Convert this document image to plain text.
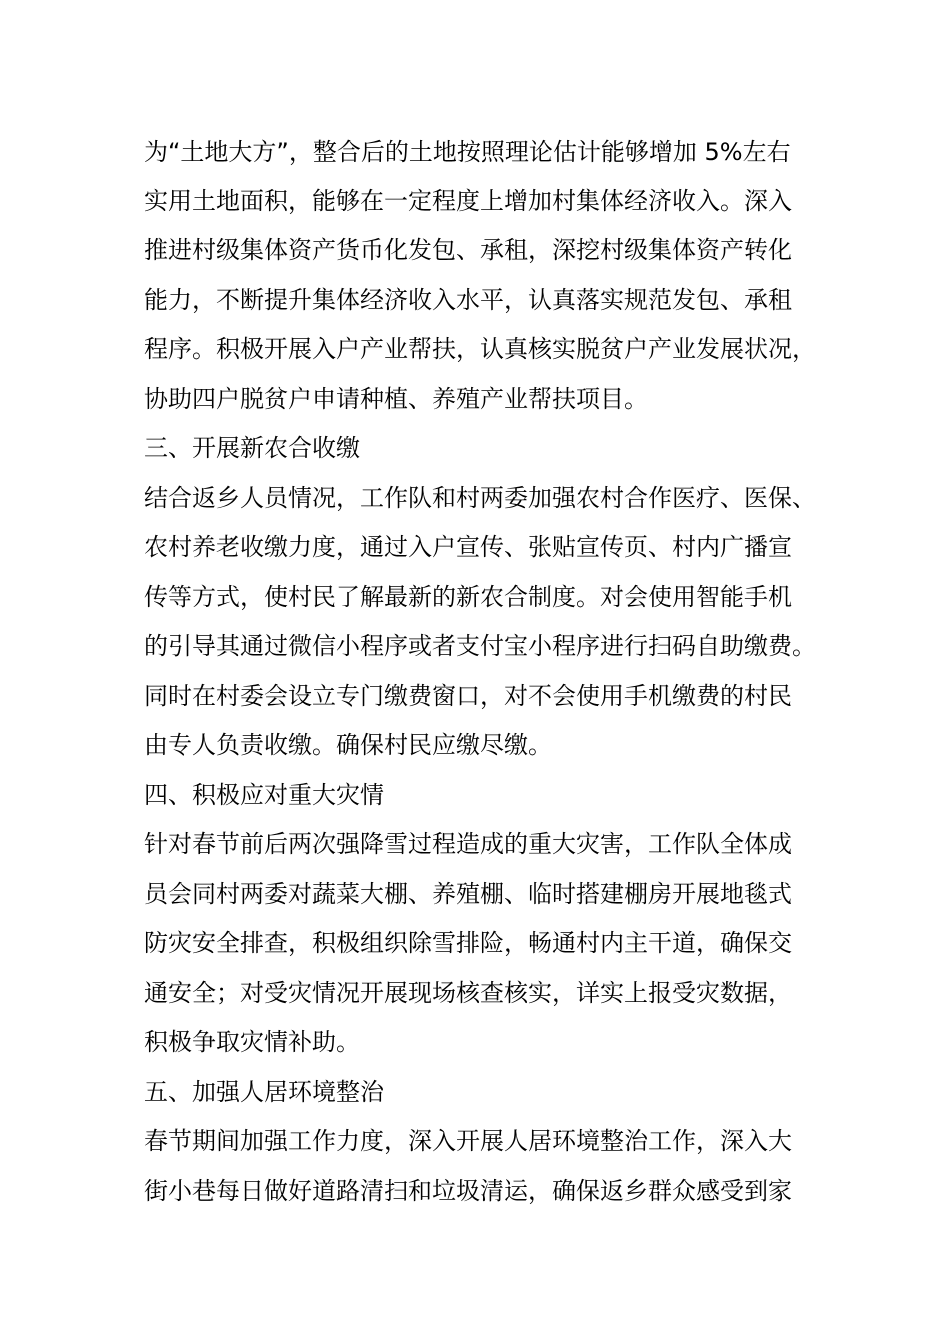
为“土地大方”，整合后的土地按照理论估计能够增加 5%左右
实用土地面积，能够在一定程度上增加村集体经济收入。深入
推进村级集体资产货币化发包、承租，深挖村级集体资产转化
能力，不断提升集体经济收入水平，认真落实规范发包、承租
程序。积极开展入户产业帮扶，认真核实脱贫户产业发展状况，
协助四户脱贫户申请种植、养殖产业帮扶项目。
三、开展新农合收缴
结合返乡人员情况，工作队和村两委加强农村合作医疗、医保、
农村养老收缴力度，通过入户宣传、张贴宣传页、村内广播宣
传等方式，使村民了解最新的新农合制度。对会使用智能手机
的引导其通过微信小程序或者支付宝小程序进行扫码自助缴费。
同时在村委会设立专门缴费窗口，对不会使用手机缴费的村民
由专人负责收缴。确保村民应缴尽缴。
四、积极应对重大灾情
针对春节前后两次强降雪过程造成的重大灾害，工作队全体成
员会同村两委对蔬菜大棚、养殖棚、临时搭建棚房开展地毯式
防灾安全排查，积极组织除雪排险，畅通村内主干道，确保交
通安全；对受灾情况开展现场核查核实，详实上报受灾数据，
积极争取灾情补助。
五、加强人居环境整治
春节期间加强工作力度，深入开展人居环境整治工作，深入大
街小巷每日做好道路清扫和垃圾清运，确保返乡群众感受到家
